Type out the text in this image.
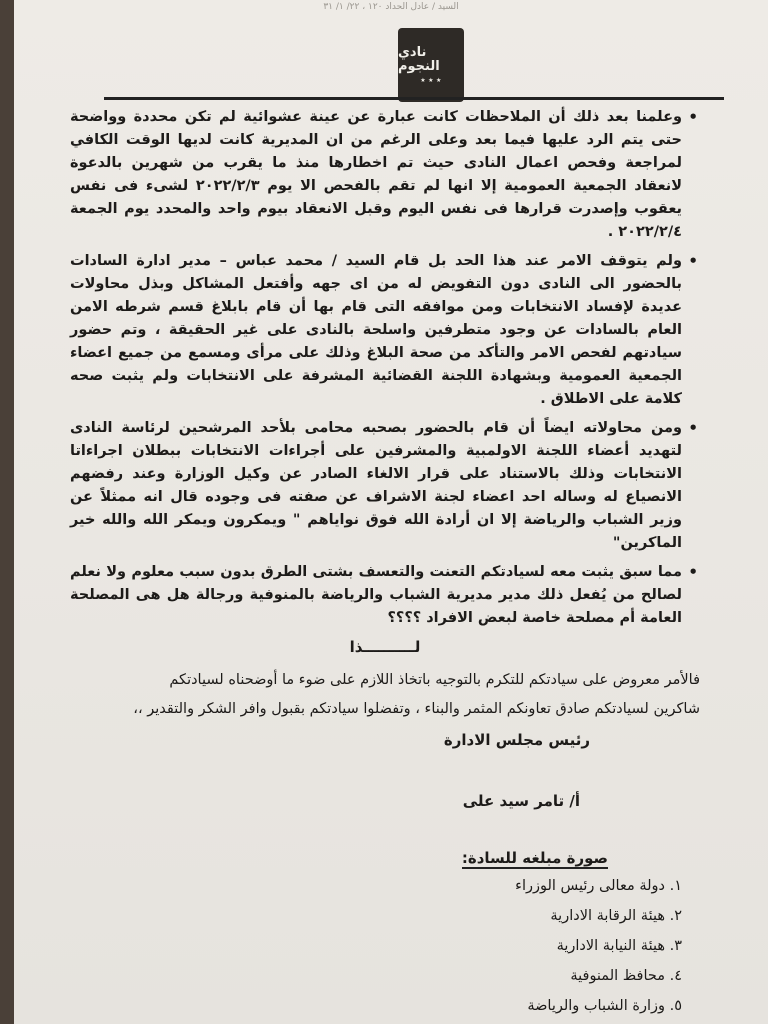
السيد / عادل الحداد ١٢٠ ، ٢٢/ ١/ ٣١
نادي النجوم
★ ★ ★
• وعلمنا بعد ذلك أن الملاحظات كانت عبارة عن عينة عشوائية لم تكن محددة وواضحة حتى يتم الرد عليها فيما بعد وعلى الرغم من ان المديرية كانت لديها الوقت الكافي لمراجعة وفحص اعمال النادى حيث تم اخطارها منذ ما يقرب من شهرين بالدعوة لانعقاد الجمعية العمومية إلا انها لم تقم بالفحص الا يوم ٢٠٢٢/٢/٣ لشىء فى نفس يعقوب وإصدرت قرارها فى نفس اليوم وقبل الانعقاد بيوم واحد والمحدد يوم الجمعة ٢٠٢٢/٢/٤ .
• ولم يتوقف الامر عند هذا الحد بل قام السيد / محمد عباس – مدير ادارة السادات بالحضور الى النادى دون التفويض له من اى جهه وأفتعل المشاكل وبذل محاولات عديدة لإفساد الانتخابات ومن موافقه التى قام بها أن قام بابلاغ قسم شرطه الامن العام بالسادات عن وجود متطرفين واسلحة بالنادى على غير الحقيقة ، وتم حضور سيادتهم لفحص الامر والتأكد من صحة البلاغ وذلك على مرأى ومسمع من جميع اعضاء الجمعية العمومية وبشهادة اللجنة القضائية المشرفة على الانتخابات ولم يثبت صحه كلامة على الاطلاق .
• ومن محاولاته ايضاً أن قام بالحضور بصحبه محامى بلأحد المرشحين لرئاسة النادى لتهديد أعضاء اللجنة الاولمبية والمشرفين على أجراءات الانتخابات ببطلان اجراءاتا الانتخابات وذلك بالاستناد على قرار الالغاء الصادر عن وكيل الوزارة وعند رفضهم الانصياع له وساله احد اعضاء لجنة الاشراف عن صفته فى وجوده قال انه ممثلاً عن وزير الشباب والرياضة إلا ان أرادة الله فوق نواياهم " ويمكرون ويمكر الله والله خير الماكرين"
• مما سبق يثبت معه لسيادتكم التعنت والتعسف بشتى الطرق بدون سبب معلوم ولا نعلم لصالح من يُفعل ذلك مدير مديرية الشباب والرياضة بالمنوفية ورجالة هل هى المصلحة العامة أم مصلحة خاصة لبعض الافراد ؟؟؟؟
لــــــــــذا

فالأمر معروض على سيادتكم للتكرم بالتوجيه باتخاذ اللازم على ضوء ما أوضحناه لسيادتكم

شاكرين لسيادتكم صادق تعاونكم المثمر والبناء ، وتفضلوا سيادتكم بقبول وافر الشكر والتقدير ،،

رئيس مجلس الادارة

أ/ تامر سيد على

صورة مبلغه للسادة:

١. دولة معالى رئيس الوزراء
٢. هيئة الرقابة الادارية
٣. هيئة النيابة الادارية
٤. محافظ المنوفية
٥. وزارة الشباب والرياضة
